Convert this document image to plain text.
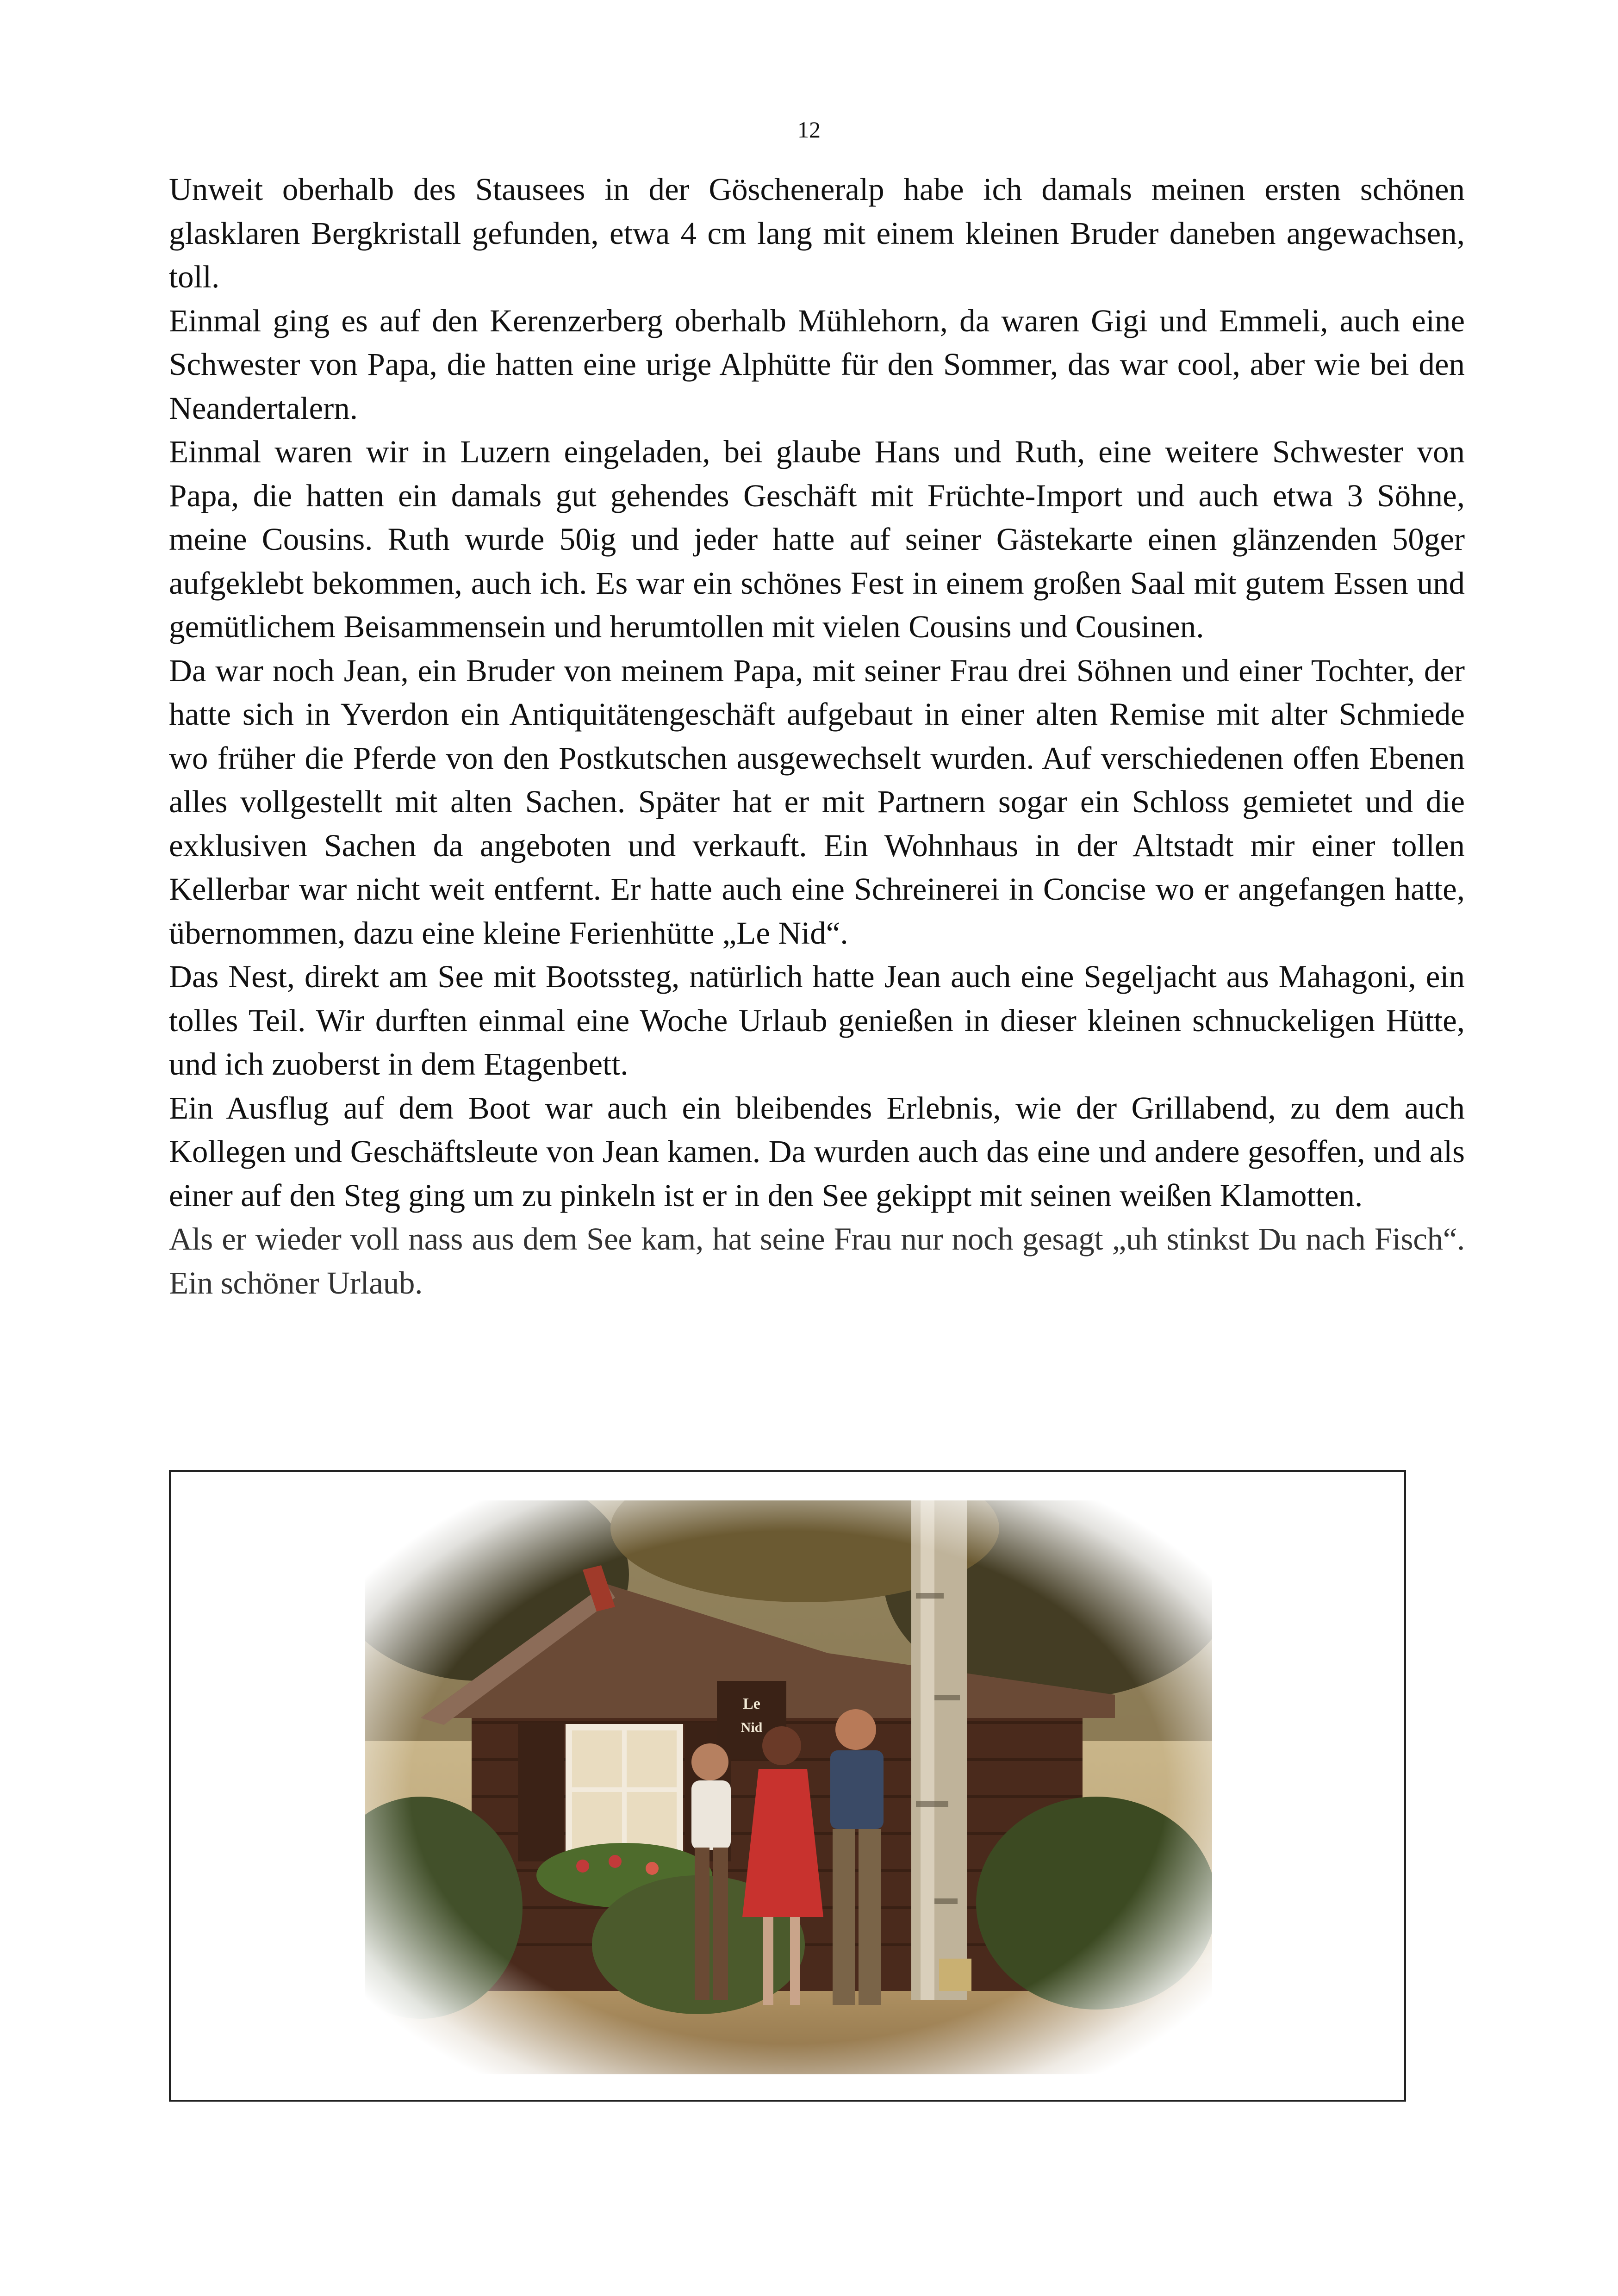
12

Unweit oberhalb des Stausees in der Göscheneralp habe ich damals meinen ersten schönen glasklaren Bergkristall gefunden, etwa 4 cm lang mit einem kleinen Bruder daneben angewachsen, toll.

Einmal ging es auf den Kerenzerberg oberhalb Mühlehorn, da waren Gigi und Emmeli, auch eine Schwester von Papa, die hatten eine urige Alphütte für den Sommer, das war cool, aber wie bei den Neandertalern.

Einmal waren wir in Luzern eingeladen, bei glaube Hans und Ruth, eine weitere Schwester von Papa, die hatten ein damals gut gehendes Geschäft mit Früchte-Import und auch etwa 3 Söhne, meine Cousins. Ruth wurde 50ig und jeder hatte auf seiner Gästekarte einen glänzenden 50ger aufgeklebt bekommen, auch ich. Es war ein schönes Fest in einem großen Saal mit gutem Essen und gemütlichem Beisammensein und herumtollen mit vielen Cousins und Cousinen.

Da war noch Jean, ein Bruder von meinem Papa, mit seiner Frau drei Söhnen und einer Tochter, der hatte sich in Yverdon ein Antiquitätengeschäft aufgebaut in einer alten Remise mit alter Schmiede wo früher die Pferde von den Postkutschen ausgewechselt wurden. Auf verschiedenen offen Ebenen alles vollgestellt mit alten Sachen. Später hat er mit Partnern sogar ein Schloss gemietet und die exklusiven Sachen da angeboten und verkauft. Ein Wohnhaus in der Altstadt mir einer tollen Kellerbar war nicht weit entfernt. Er hatte auch eine Schreinerei in Concise wo er angefangen hatte, übernommen, dazu eine kleine Ferienhütte „Le Nid“.

Das Nest, direkt am See mit Bootssteg, natürlich hatte Jean auch eine Segeljacht aus Mahagoni, ein tolles Teil. Wir durften einmal eine Woche Urlaub genießen in dieser kleinen schnuckeligen Hütte, und ich zuoberst in dem Etagenbett.

Ein Ausflug auf dem Boot war auch ein bleibendes Erlebnis, wie der Grillabend, zu dem auch Kollegen und Geschäftsleute von Jean kamen. Da wurden auch das eine und andere gesoffen, und als einer auf den Steg ging um zu pinkeln ist er in den See gekippt mit seinen weißen Klamotten.

Als er wieder voll nass aus dem See kam, hat seine Frau nur noch gesagt „uh stinkst Du nach Fisch“. Ein schöner Urlaub.
